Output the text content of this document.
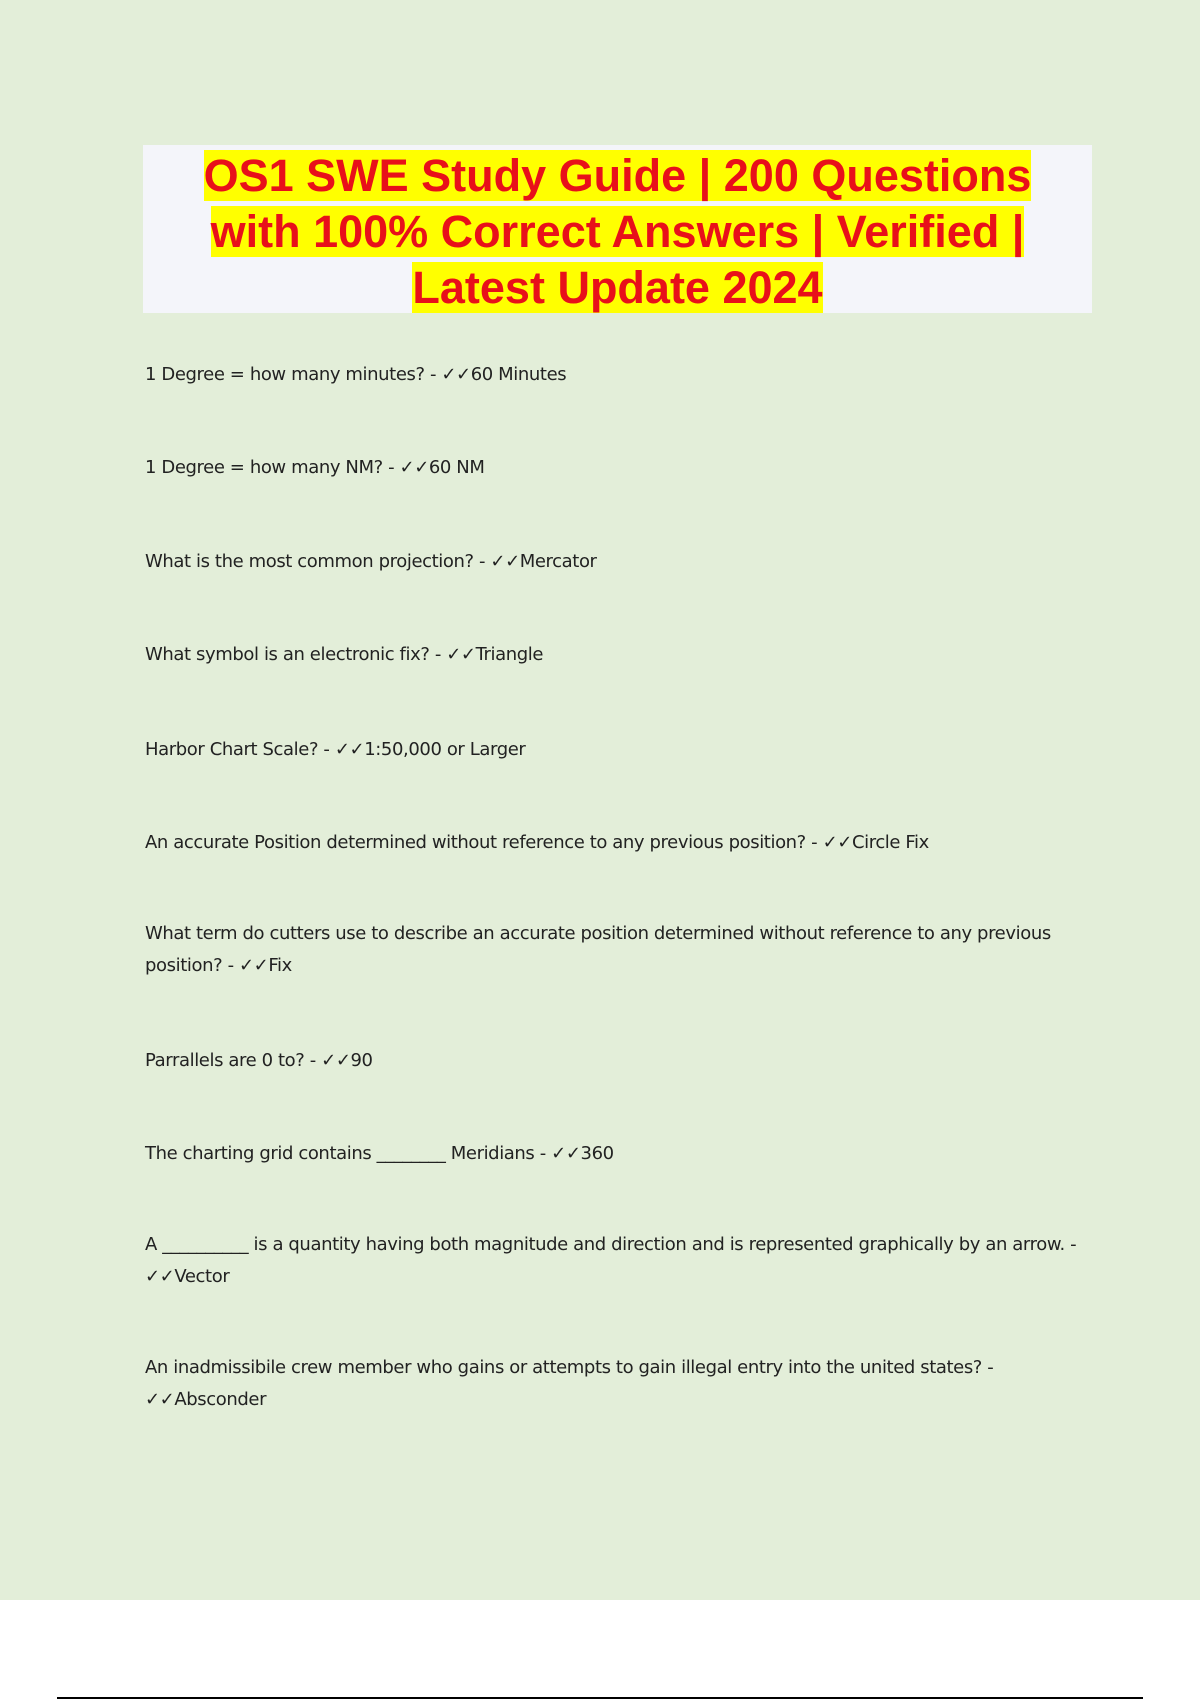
OS1 SWE Study Guide | 200 Questions
with 100% Correct Answers | Verified |
Latest Update 2024

1 Degree = how many minutes? - ✓✓60 Minutes

1 Degree = how many NM? - ✓✓60 NM

What is the most common projection? - ✓✓Mercator

What symbol is an electronic fix? - ✓✓Triangle

Harbor Chart Scale? - ✓✓1:50,000 or Larger

An accurate Position determined without reference to any previous position? - ✓✓Circle Fix

What term do cutters use to describe an accurate position determined without reference to any previous position? - ✓✓Fix

Parrallels are 0 to? - ✓✓90

The charting grid contains ________ Meridians - ✓✓360

A __________ is a quantity having both magnitude and direction and is represented graphically by an arrow. - ✓✓Vector

An inadmissibile crew member who gains or attempts to gain illegal entry into the united states? - ✓✓Absconder
